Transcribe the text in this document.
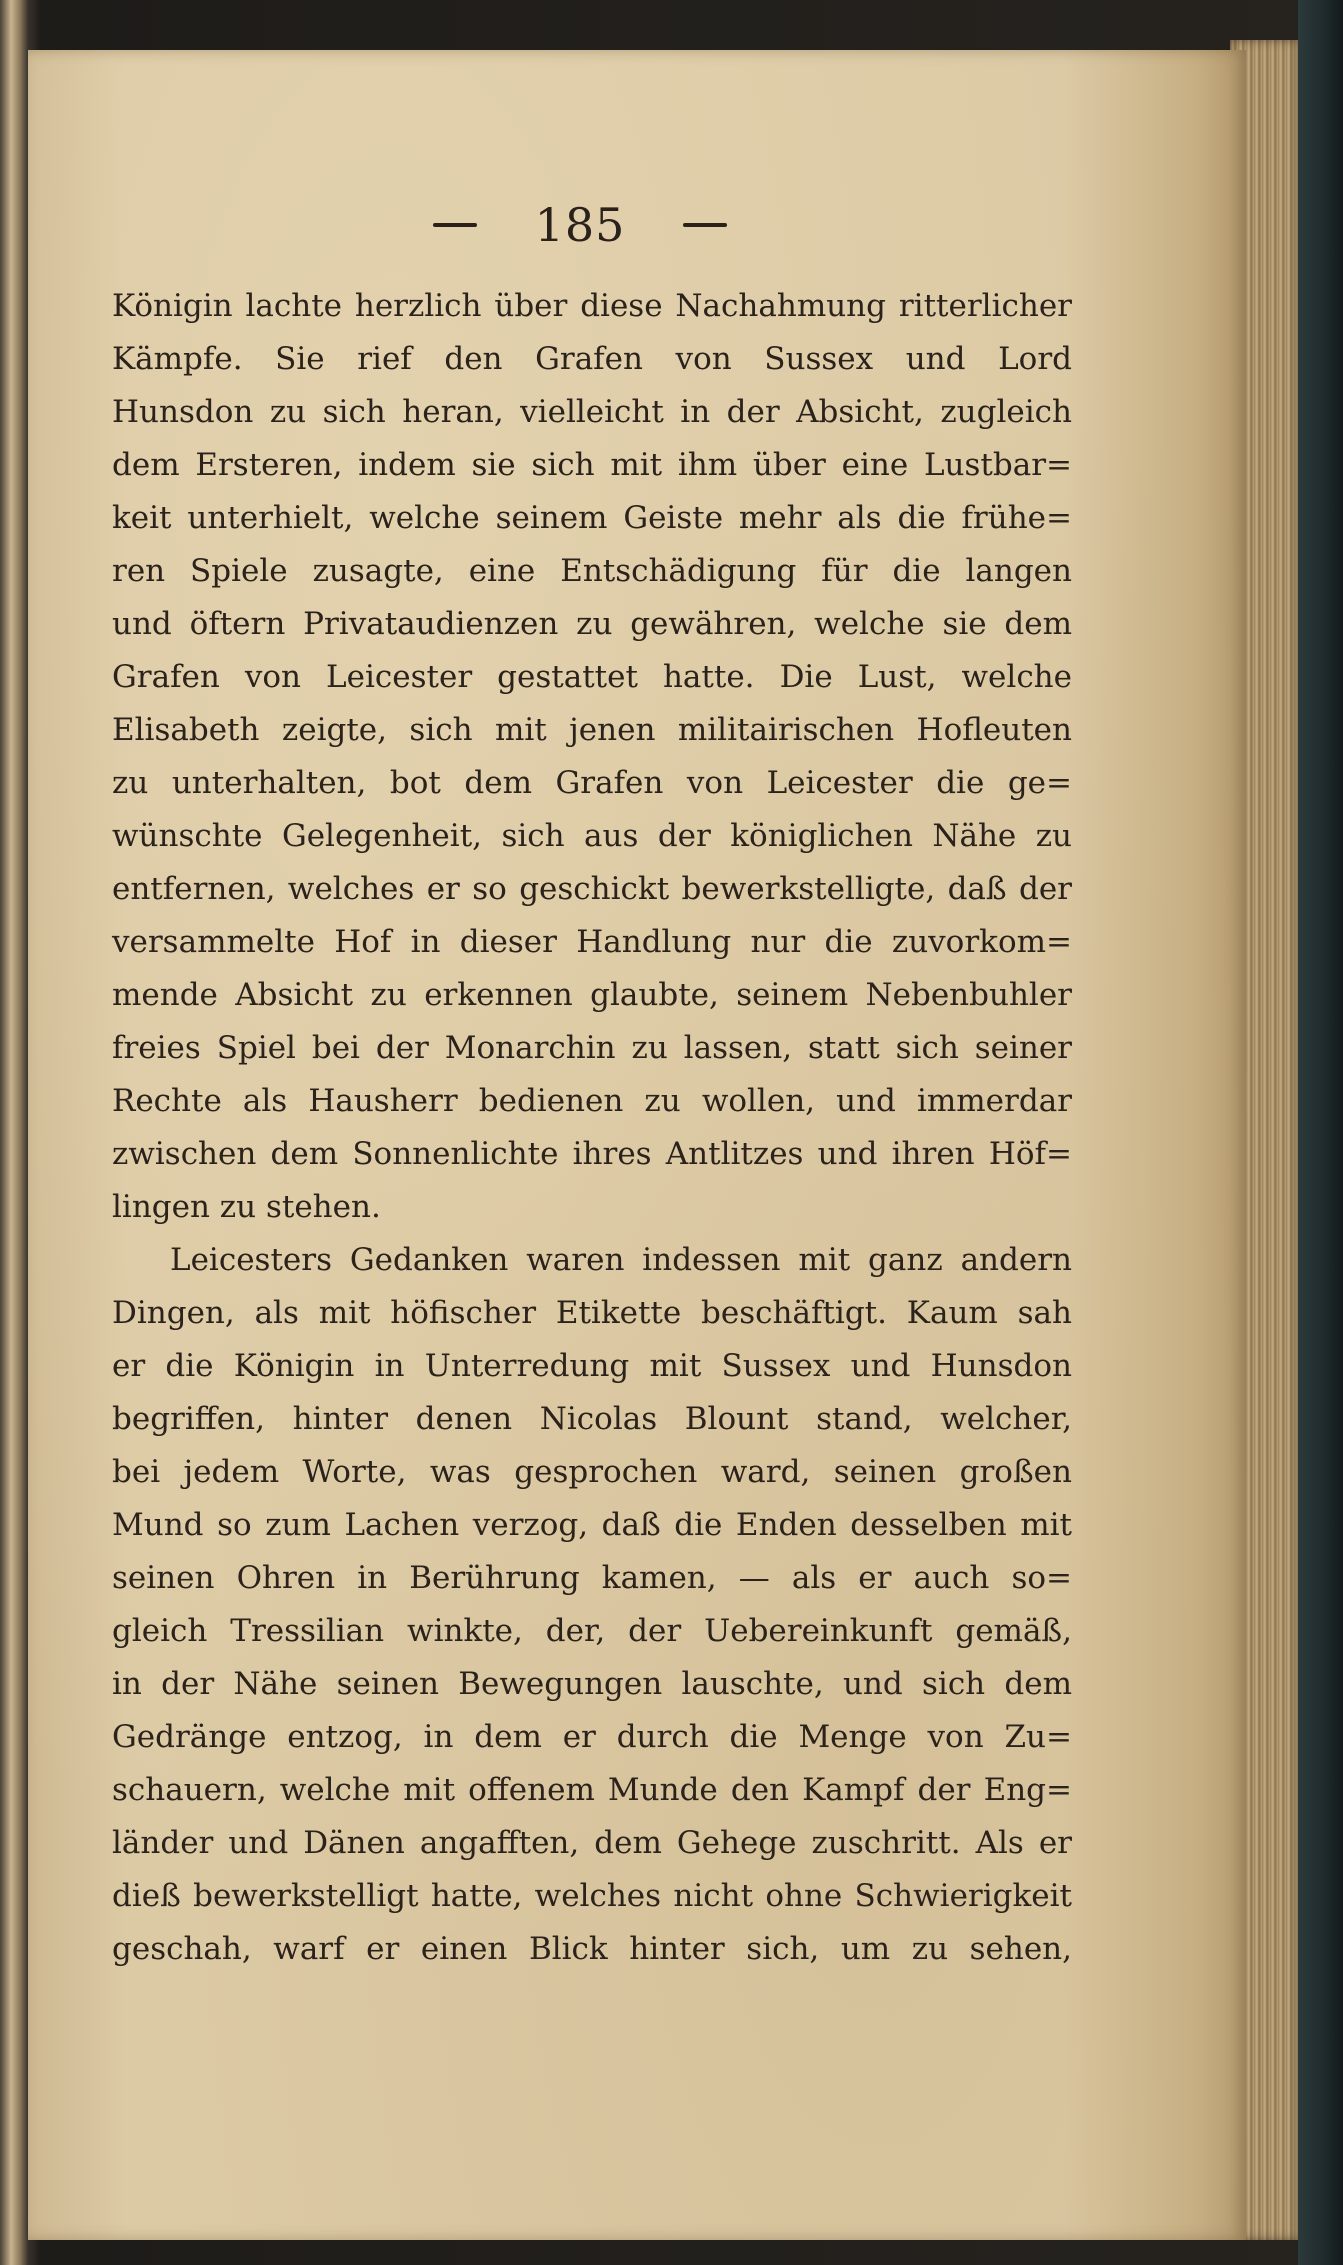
185
Königin lachte herzlich über diese Nachahmung ritterlicher
Kämpfe. Sie rief den Grafen von Sussex und Lord
Hunsdon zu sich heran, vielleicht in der Absicht, zugleich
dem Ersteren, indem sie sich mit ihm über eine Lustbar=
keit unterhielt, welche seinem Geiste mehr als die frühe=
ren Spiele zusagte, eine Entschädigung für die langen
und öftern Privataudienzen zu gewähren, welche sie dem
Grafen von Leicester gestattet hatte. Die Lust, welche
Elisabeth zeigte, sich mit jenen militairischen Hofleuten
zu unterhalten, bot dem Grafen von Leicester die ge=
wünschte Gelegenheit, sich aus der königlichen Nähe zu
entfernen, welches er so geschickt bewerkstelligte, daß der
versammelte Hof in dieser Handlung nur die zuvorkom=
mende Absicht zu erkennen glaubte, seinem Nebenbuhler
freies Spiel bei der Monarchin zu lassen, statt sich seiner
Rechte als Hausherr bedienen zu wollen, und immerdar
zwischen dem Sonnenlichte ihres Antlitzes und ihren Höf=
lingen zu stehen.
Leicesters Gedanken waren indessen mit ganz andern
Dingen, als mit höfischer Etikette beschäftigt. Kaum sah
er die Königin in Unterredung mit Sussex und Hunsdon
begriffen, hinter denen Nicolas Blount stand, welcher,
bei jedem Worte, was gesprochen ward, seinen großen
Mund so zum Lachen verzog, daß die Enden desselben mit
seinen Ohren in Berührung kamen, — als er auch so=
gleich Tressilian winkte, der, der Uebereinkunft gemäß,
in der Nähe seinen Bewegungen lauschte, und sich dem
Gedränge entzog, in dem er durch die Menge von Zu=
schauern, welche mit offenem Munde den Kampf der Eng=
länder und Dänen angafften, dem Gehege zuschritt. Als er
dieß bewerkstelligt hatte, welches nicht ohne Schwierigkeit
geschah, warf er einen Blick hinter sich, um zu sehen,
